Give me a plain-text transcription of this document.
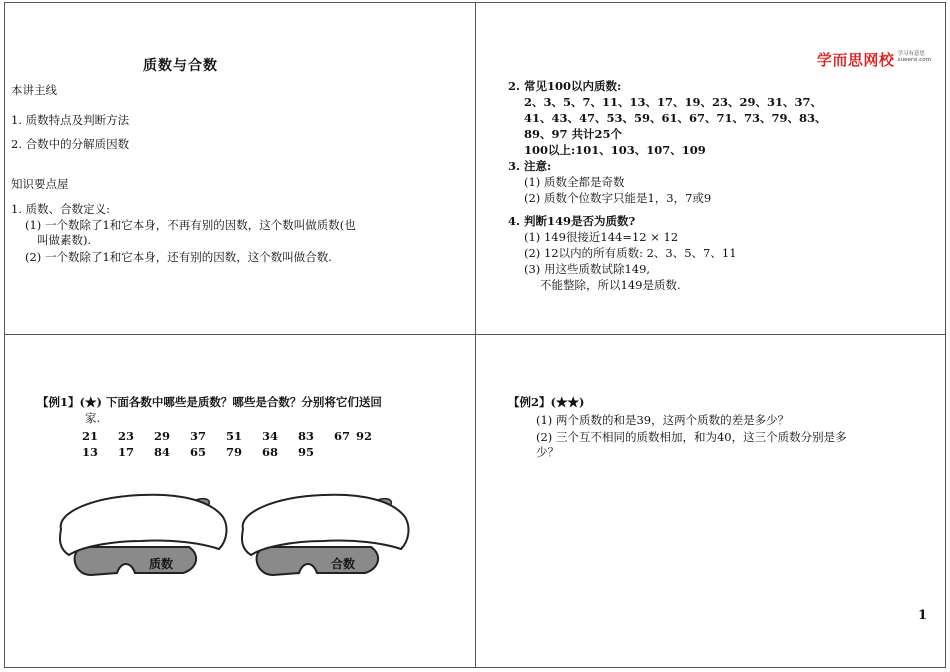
质数与合数
本讲主线
1. 质数特点及判断方法
2. 合数中的分解质因数
知识要点屋
1. 质数、合数定义:
(1) 一个数除了1和它本身，不再有别的因数，这个数叫做质数(也
叫做素数).
(2) 一个数除了1和它本身，还有别的因数，这个数叫做合数.
学而思网校 学习有意思
xueersi.com
2. 常见100以内质数:
2、3、5、7、11、13、17、19、23、29、31、37、
41、43、47、53、59、61、67、71、73、79、83、
89、97 共计25个
100以上:101、103、107、109
3. 注意:
(1) 质数全都是奇数
(2) 质数个位数字只能是1，3，7或9
4. 判断149是否为质数?
(1) 149很接近144=12 × 12
(2) 12以内的所有质数: 2、3、5、7、11
(3) 用这些质数试除149,
不能整除，所以149是质数.
【例1】(★) 下面各数中哪些是质数？哪些是合数？分别将它们送回
家.
21	23	29	37	51	34	83	67 92
13	17	84	65	79	68	95
质数	合数
【例2】(★★)
(1) 两个质数的和是39，这两个质数的差是多少？
(2) 三个互不相同的质数相加，和为40，这三个质数分别是多
少？
1
